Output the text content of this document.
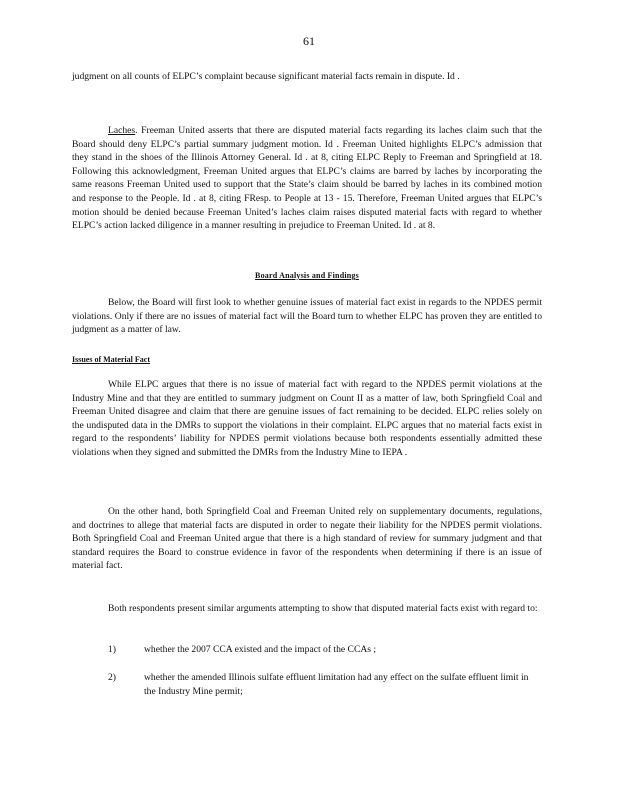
61
judgment on all counts of ELPC’s complaint because significant material facts remain in dispute. Id .
Laches. Freeman United asserts that there are disputed material facts regarding its laches claim such that the Board should deny ELPC’s partial summary judgment motion. Id . Freeman United highlights ELPC’s admission that they stand in the shoes of the Illinois Attorney General. Id . at 8, citing ELPC Reply to Freeman and Springfield at 18. Following this acknowledgment, Freeman United argues that ELPC’s claims are barred by laches by incorporating the same reasons Freeman United used to support that the State’s claim should be barred by laches in its combined motion and response to the People. Id . at 8, citing FResp. to People at 13 - 15. Therefore, Freeman United argues that ELPC’s motion should be denied because Freeman United’s laches claim raises disputed material facts with regard to whether ELPC’s action lacked diligence in a manner resulting in prejudice to Freeman United. Id . at 8.
Board Analysis and Findings
Below, the Board will first look to whether genuine issues of material fact exist in regards to the NPDES permit violations. Only if there are no issues of material fact will the Board turn to whether ELPC has proven they are entitled to judgment as a matter of law.
Issues of Material Fact
While ELPC argues that there is no issue of material fact with regard to the NPDES permit violations at the Industry Mine and that they are entitled to summary judgment on Count II as a matter of law, both Springfield Coal and Freeman United disagree and claim that there are genuine issues of fact remaining to be decided. ELPC relies solely on the undisputed data in the DMRs to support the violations in their complaint. ELPC argues that no material facts exist in regard to the respondents’ liability for NPDES permit violations because both respondents essentially admitted these violations when they signed and submitted the DMRs from the Industry Mine to IEPA .
On the other hand, both Springfield Coal and Freeman United rely on supplementary documents, regulations, and doctrines to allege that material facts are disputed in order to negate their liability for the NPDES permit violations. Both Springfield Coal and Freeman United argue that there is a high standard of review for summary judgment and that standard requires the Board to construe evidence in favor of the respondents when determining if there is an issue of material fact.
Both respondents present similar arguments attempting to show that disputed material facts exist with regard to:
1)	whether the 2007 CCA existed and the impact of the CCAs ;
2)	whether the amended Illinois sulfate effluent limitation had any effect on the sulfate effluent limit in the Industry Mine permit;
